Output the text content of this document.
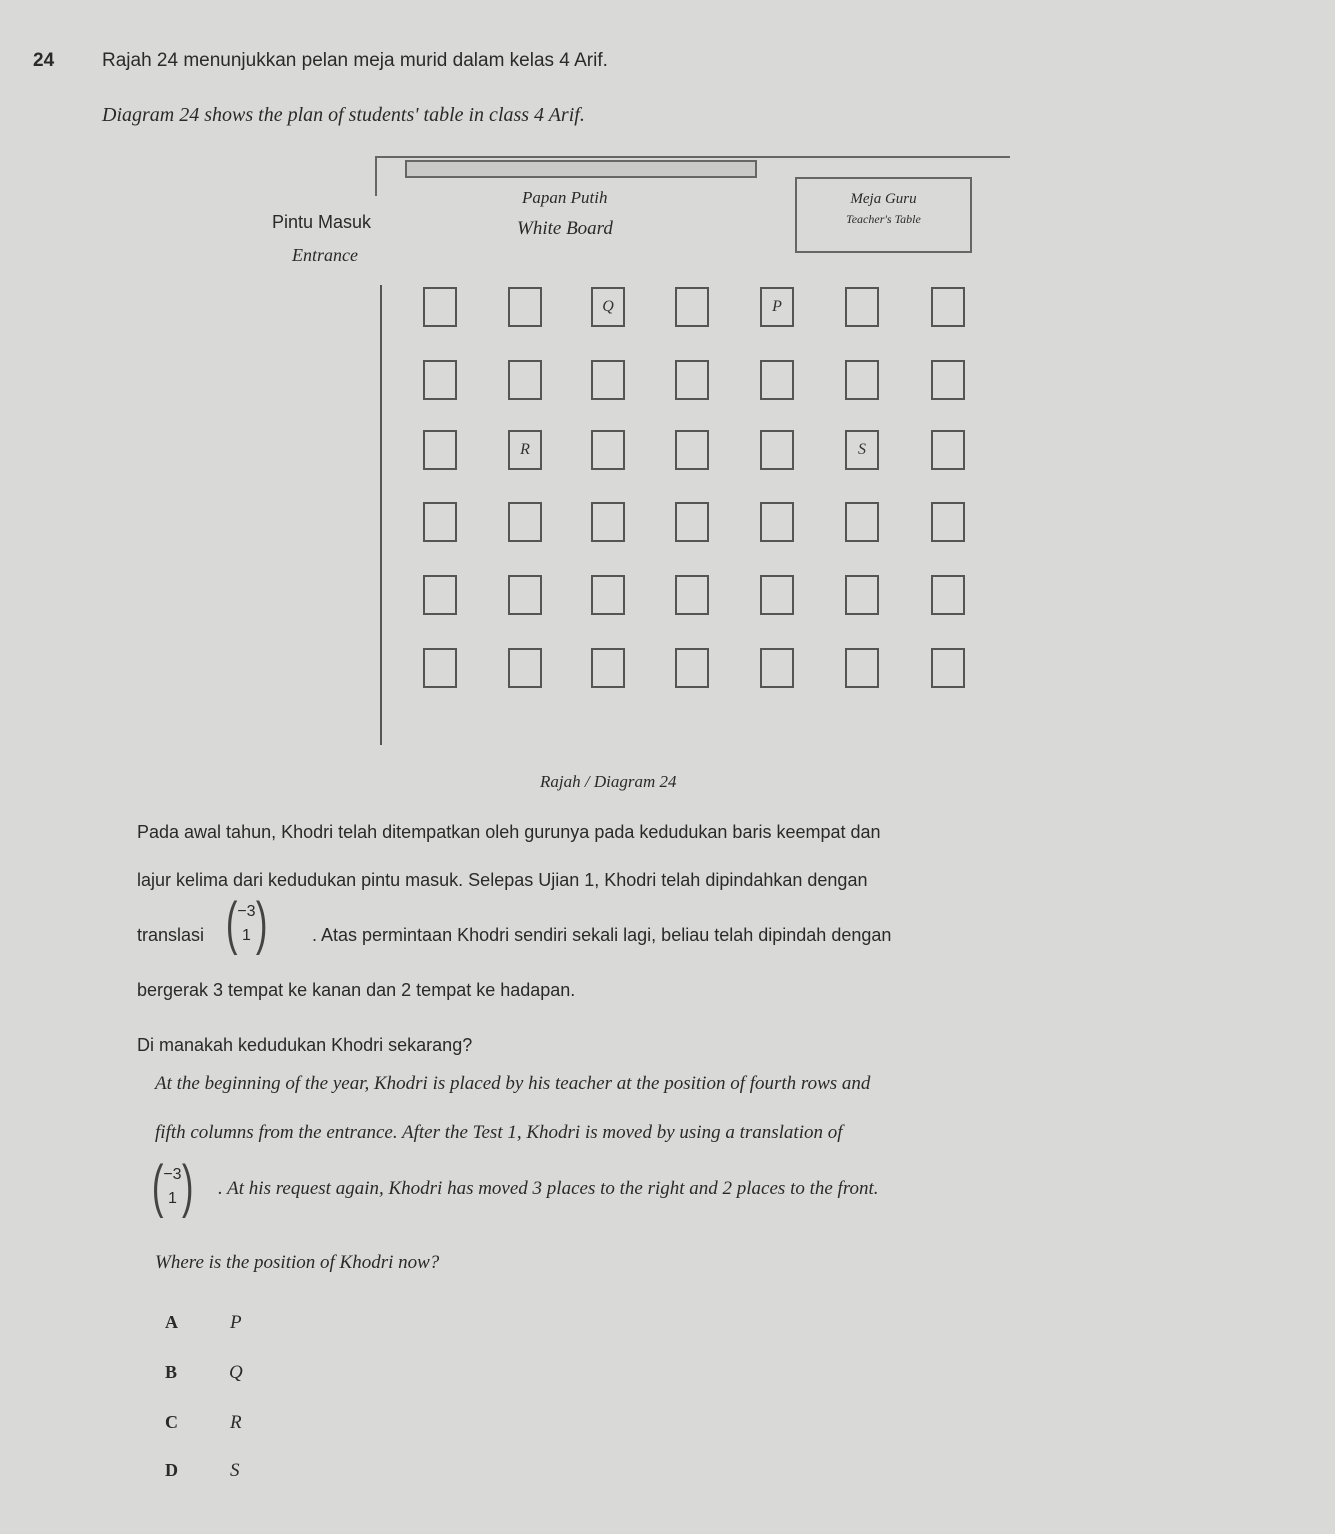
24	Rajah 24 menunjukkan pelan meja murid dalam kelas 4 Arif.
Diagram 24 shows the plan of students' table in class 4 Arif.
Papan Putih
White Board
Pintu Masuk
Entrance
Meja Guru
Teacher's Table
Q	P
R	S
Rajah / Diagram 24
Pada awal tahun, Khodri telah ditempatkan oleh gurunya pada kedudukan baris keempat dan
lajur kelima dari kedudukan pintu masuk. Selepas Ujian 1, Khodri telah dipindahkan dengan
translasi ( −3
1 ) . Atas permintaan Khodri sendiri sekali lagi, beliau telah dipindah dengan
bergerak 3 tempat ke kanan dan 2 tempat ke hadapan.
Di manakah kedudukan Khodri sekarang?
At the beginning of the year, Khodri is placed by his teacher at the position of fourth rows and
fifth columns from the entrance. After the Test 1, Khodri is moved by using a translation of
( −3
1 ) . At his request again, Khodri has moved 3 places to the right and 2 places to the front.
Where is the position of Khodri now?
A	P
B	Q
C	R
D	S
